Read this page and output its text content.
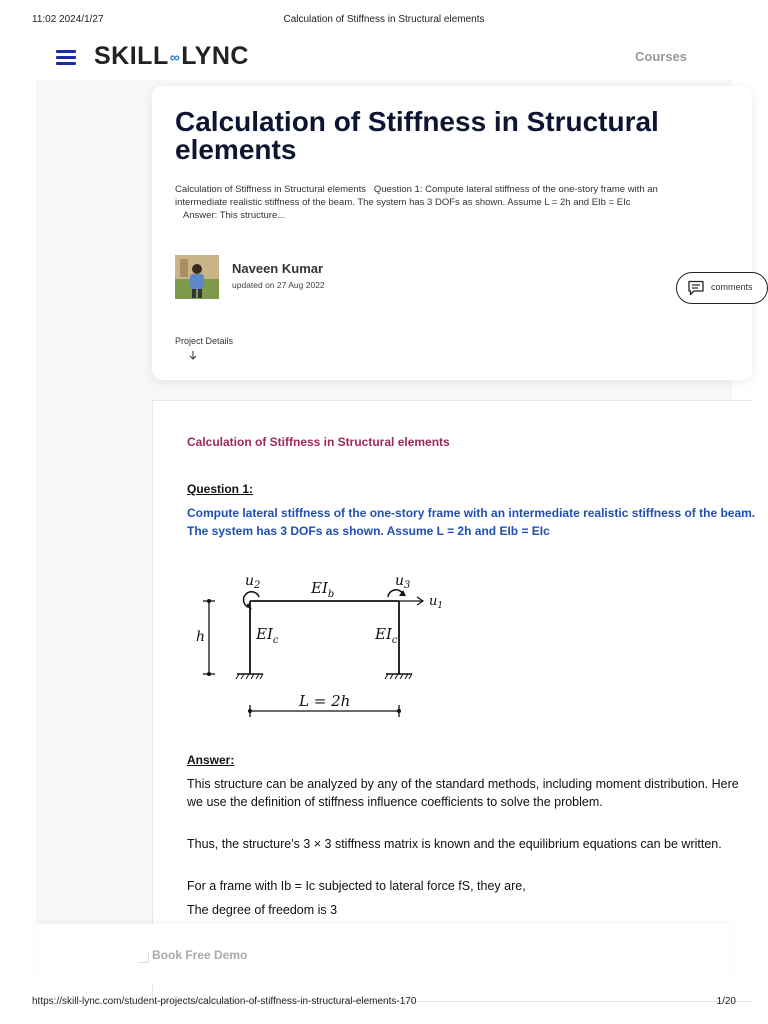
11:02 2024/1/27	Calculation of Stiffness in Structural elements
SKILL∞LYNC	Courses
Calculation of Stiffness in Structural elements
Calculation of Stiffness in Structural elements   Question 1: Compute lateral stiffness of the one-story frame with an
intermediate realistic stiffness of the beam. The system has 3 DOFs as shown. Assume L = 2h and EIb = EIc
Answer: This structure...
Naveen Kumar
updated on 27 Aug 2022	comments
Project Details
Calculation of Stiffness in Structural elements
Question 1:
Compute lateral stiffness of the one-story frame with an intermediate realistic stiffness of the beam. The system has 3 DOFs as shown. Assume L = 2h and EIb = EIc
h
$u_2$	$u_3$
$u_1$
$EI_b$
$EI_c$	$EI_c$
L = 2h
Answer:
This structure can be analyzed by any of the standard methods, including moment distribution. Here we use the definition of stiffness influence coefficients to solve the problem.
Thus, the structure's 3 × 3 stiffness matrix is known and the equilibrium equations can be written.
For a frame with Ib = Ic subjected to lateral force fS, they are,
The degree of freedom is 3
Book Free Demo
https://skill-lync.com/student-projects/calculation-of-stiffness-in-structural-elements-170	1/20
